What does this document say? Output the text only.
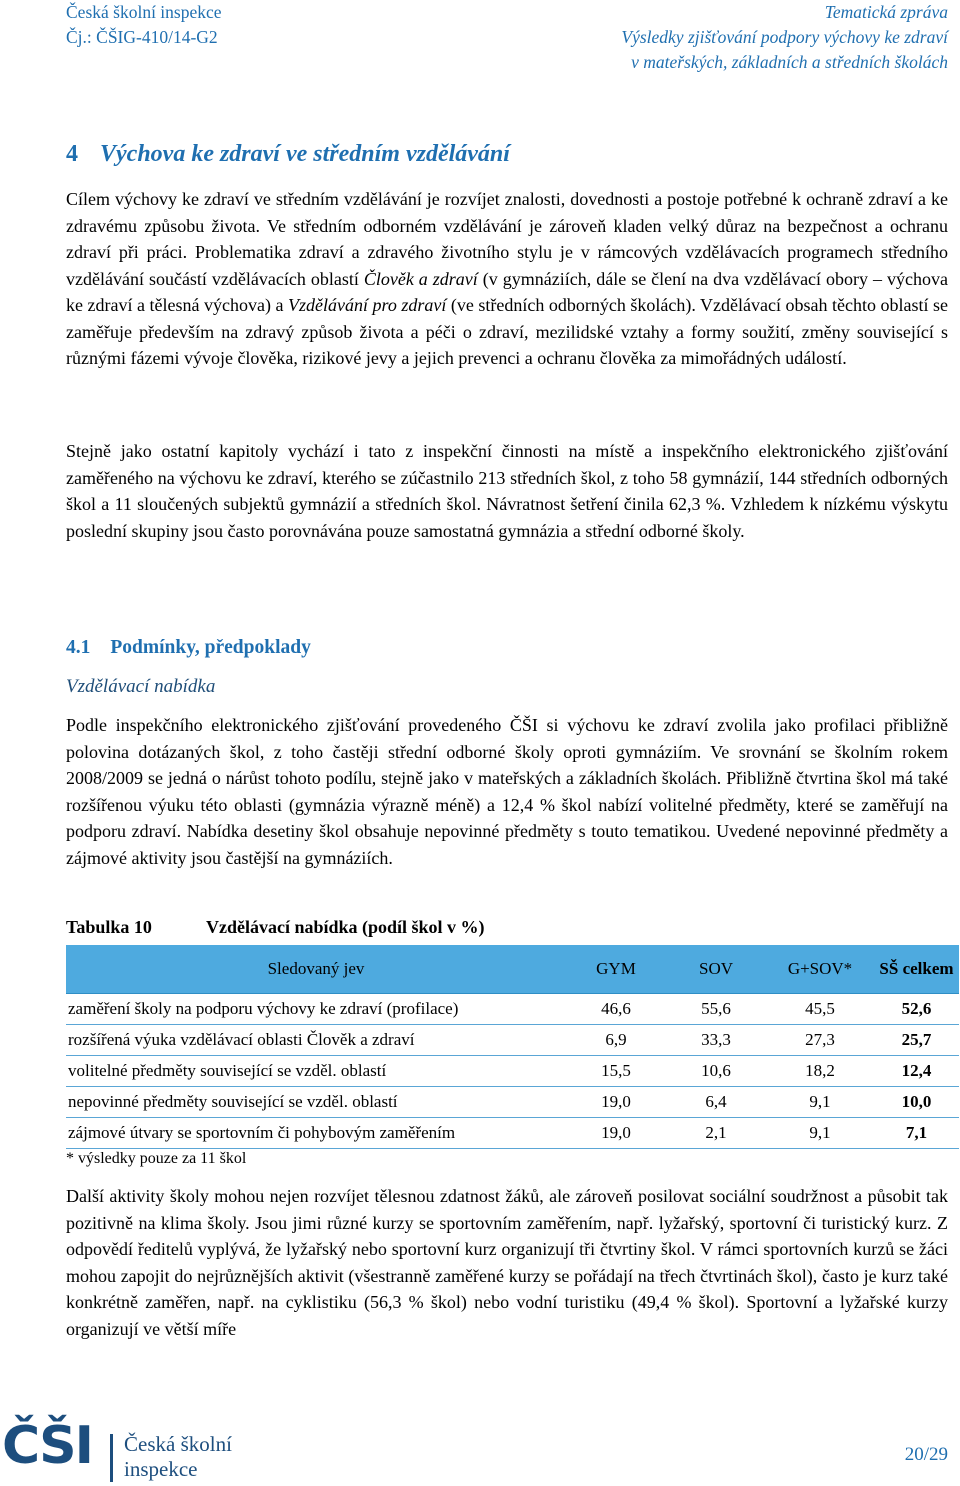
Česká školní inspekce
Čj.: ČŠIG-410/14-G2
Tematická zpráva
Výsledky zjišťování podpory výchovy ke zdraví
v mateřských, základních a středních školách
4 Výchova ke zdraví ve středním vzdělávání

Cílem výchovy ke zdraví ve středním vzdělávání je rozvíjet znalosti, dovednosti a postoje potřebné k ochraně zdraví a ke zdravému způsobu života. Ve středním odborném vzdělávání je zároveň kladen velký důraz na bezpečnost a ochranu zdraví při práci. Problematika zdraví a zdravého životního stylu je v rámcových vzdělávacích programech středního vzdělávání součástí vzdělávacích oblastí Člověk a zdraví (v gymnáziích, dále se člení na dva vzdělávací obory – výchova ke zdraví a tělesná výchova) a Vzdělávání pro zdraví (ve středních odborných školách). Vzdělávací obsah těchto oblastí se zaměřuje především na zdravý způsob života a péči o zdraví, mezilidské vztahy a formy soužití, změny související s různými fázemi vývoje člověka, rizikové jevy a jejich prevenci a ochranu člověka za mimořádných událostí.

Stejně jako ostatní kapitoly vychází i tato z inspekční činnosti na místě a inspekčního elektronického zjišťování zaměřeného na výchovu ke zdraví, kterého se zúčastnilo 213 středních škol, z toho 58 gymnázií, 144 středních odborných škol a 11 sloučených subjektů gymnázií a středních škol. Návratnost šetření činila 62,3 %. Vzhledem k nízkému výskytu poslední skupiny jsou často porovnávána pouze samostatná gymnázia a střední odborné školy.

4.1 Podmínky, předpoklady
Vzdělávací nabídka

Podle inspekčního elektronického zjišťování provedeného ČŠI si výchovu ke zdraví zvolila jako profilaci přibližně polovina dotázaných škol, z toho častěji střední odborné školy oproti gymnáziím. Ve srovnání se školním rokem 2008/2009 se jedná o nárůst tohoto podílu, stejně jako v mateřských a základních školách. Přibližně čtvrtina škol má také rozšířenou výuku této oblasti (gymnázia výrazně méně) a 12,4 % škol nabízí volitelné předměty, které se zaměřují na podporu zdraví. Nabídka desetiny škol obsahuje nepovinné předměty s touto tematikou. Uvedené nepovinné předměty a zájmové aktivity jsou častější na gymnáziích.

Tabulka 10	Vzdělávací nabídka (podíl škol v %)
Sledovaný jev	GYM	SOV	G+SOV*	SŠ celkem
zaměření školy na podporu výchovy ke zdraví (profilace)	46,6	55,6	45,5	52,6
rozšířená výuka vzdělávací oblasti Člověk a zdraví	6,9	33,3	27,3	25,7
volitelné předměty související se vzděl. oblastí	15,5	10,6	18,2	12,4
nepovinné předměty související se vzděl. oblastí	19,0	6,4	9,1	10,0
zájmové útvary se sportovním či pohybovým zaměřením	19,0	2,1	9,1	7,1
* výsledky pouze za 11 škol

Další aktivity školy mohou nejen rozvíjet tělesnou zdatnost žáků, ale zároveň posilovat sociální soudržnost a působit tak pozitivně na klima školy. Jsou jimi různé kurzy se sportovním zaměřením, např. lyžařský, sportovní či turistický kurz. Z odpovědí ředitelů vyplývá, že lyžařský nebo sportovní kurz organizují tři čtvrtiny škol. V rámci sportovních kurzů se žáci mohou zapojit do nejrůznějších aktivit (všestranně zaměřené kurzy se pořádají na třech čtvrtinách škol), často je kurz také konkrétně zaměřen, např. na cyklistiku (56,3 % škol) nebo vodní turistiku (49,4 % škol). Sportovní a lyžařské kurzy organizují ve větší míře

ČŠI Česká školní
inspekce
20/29
